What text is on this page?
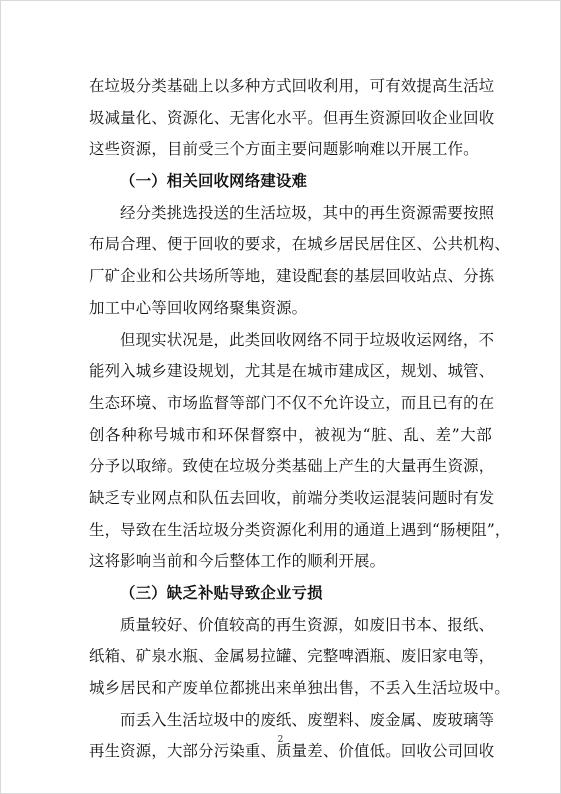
在垃圾分类基础上以多种方式回收利用，可有效提高生活垃
圾减量化、资源化、无害化水平。但再生资源回收企业回收
这些资源，目前受三个方面主要问题影响难以开展工作。
（一）相关回收网络建设难
经分类挑选投送的生活垃圾，其中的再生资源需要按照
布局合理、便于回收的要求，在城乡居民居住区、公共机构、
厂矿企业和公共场所等地，建设配套的基层回收站点、分拣
加工中心等回收网络聚集资源。
但现实状况是，此类回收网络不同于垃圾收运网络，不
能列入城乡建设规划，尤其是在城市建成区，规划、城管、
生态环境、市场监督等部门不仅不允许设立，而且已有的在
创各种称号城市和环保督察中，被视为“脏、乱、差”大部
分予以取缔。致使在垃圾分类基础上产生的大量再生资源，
缺乏专业网点和队伍去回收，前端分类收运混装问题时有发
生，导致在生活垃圾分类资源化利用的通道上遇到“肠梗阻”，
这将影响当前和今后整体工作的顺利开展。
（三）缺乏补贴导致企业亏损
质量较好、价值较高的再生资源，如废旧书本、报纸、
纸箱、矿泉水瓶、金属易拉罐、完整啤酒瓶、废旧家电等，
城乡居民和产废单位都挑出来单独出售，不丢入生活垃圾中。
而丢入生活垃圾中的废纸、废塑料、废金属、废玻璃等
再生资源，大部分污染重、质量差、价值低。回收公司回收
2
